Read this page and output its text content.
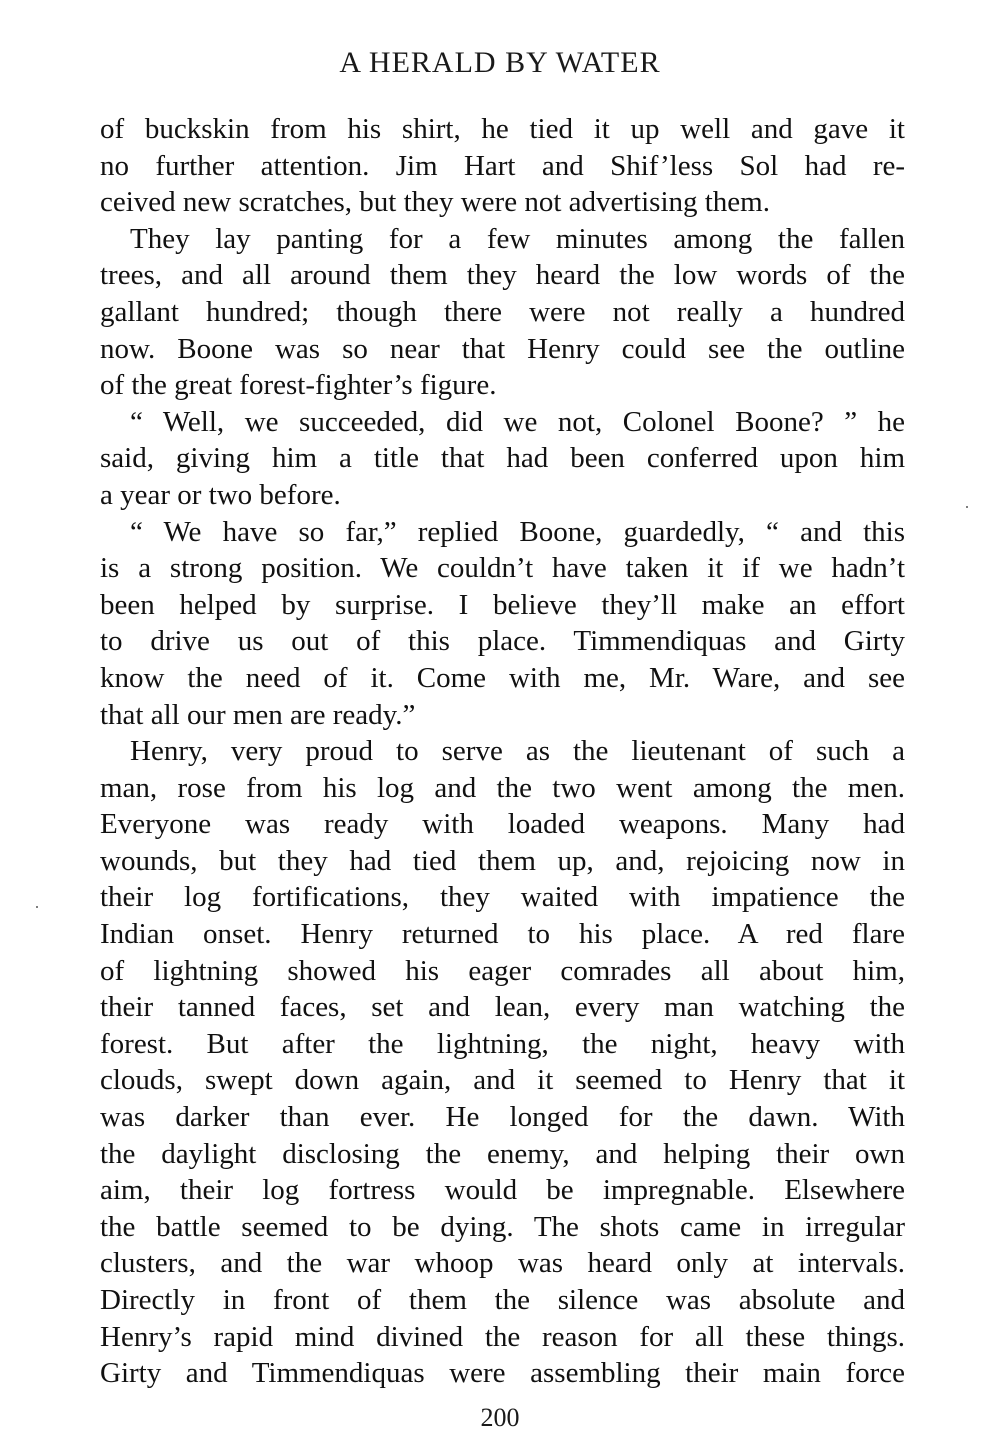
A HERALD BY WATER
of buckskin from his shirt, he tied it up well and gave it
no further attention. Jim Hart and Shif’less Sol had re-
ceived new scratches, but they were not advertising them.
They lay panting for a few minutes among the fallen
trees, and all around them they heard the low words of the
gallant hundred; though there were not really a hundred
now. Boone was so near that Henry could see the outline
of the great forest-fighter’s figure.
“ Well, we succeeded, did we not, Colonel Boone? ” he
said, giving him a title that had been conferred upon him
a year or two before.
“ We have so far,” replied Boone, guardedly, “ and this
is a strong position. We couldn’t have taken it if we hadn’t
been helped by surprise. I believe they’ll make an effort
to drive us out of this place. Timmendiquas and Girty
know the need of it. Come with me, Mr. Ware, and see
that all our men are ready.”
Henry, very proud to serve as the lieutenant of such a
man, rose from his log and the two went among the men.
Everyone was ready with loaded weapons. Many had
wounds, but they had tied them up, and, rejoicing now in
their log fortifications, they waited with impatience the
Indian onset. Henry returned to his place. A red flare
of lightning showed his eager comrades all about him,
their tanned faces, set and lean, every man watching the
forest. But after the lightning, the night, heavy with
clouds, swept down again, and it seemed to Henry that it
was darker than ever. He longed for the dawn. With
the daylight disclosing the enemy, and helping their own
aim, their log fortress would be impregnable. Elsewhere
the battle seemed to be dying. The shots came in irregular
clusters, and the war whoop was heard only at intervals.
Directly in front of them the silence was absolute and
Henry’s rapid mind divined the reason for all these things.
Girty and Timmendiquas were assembling their main force
200
